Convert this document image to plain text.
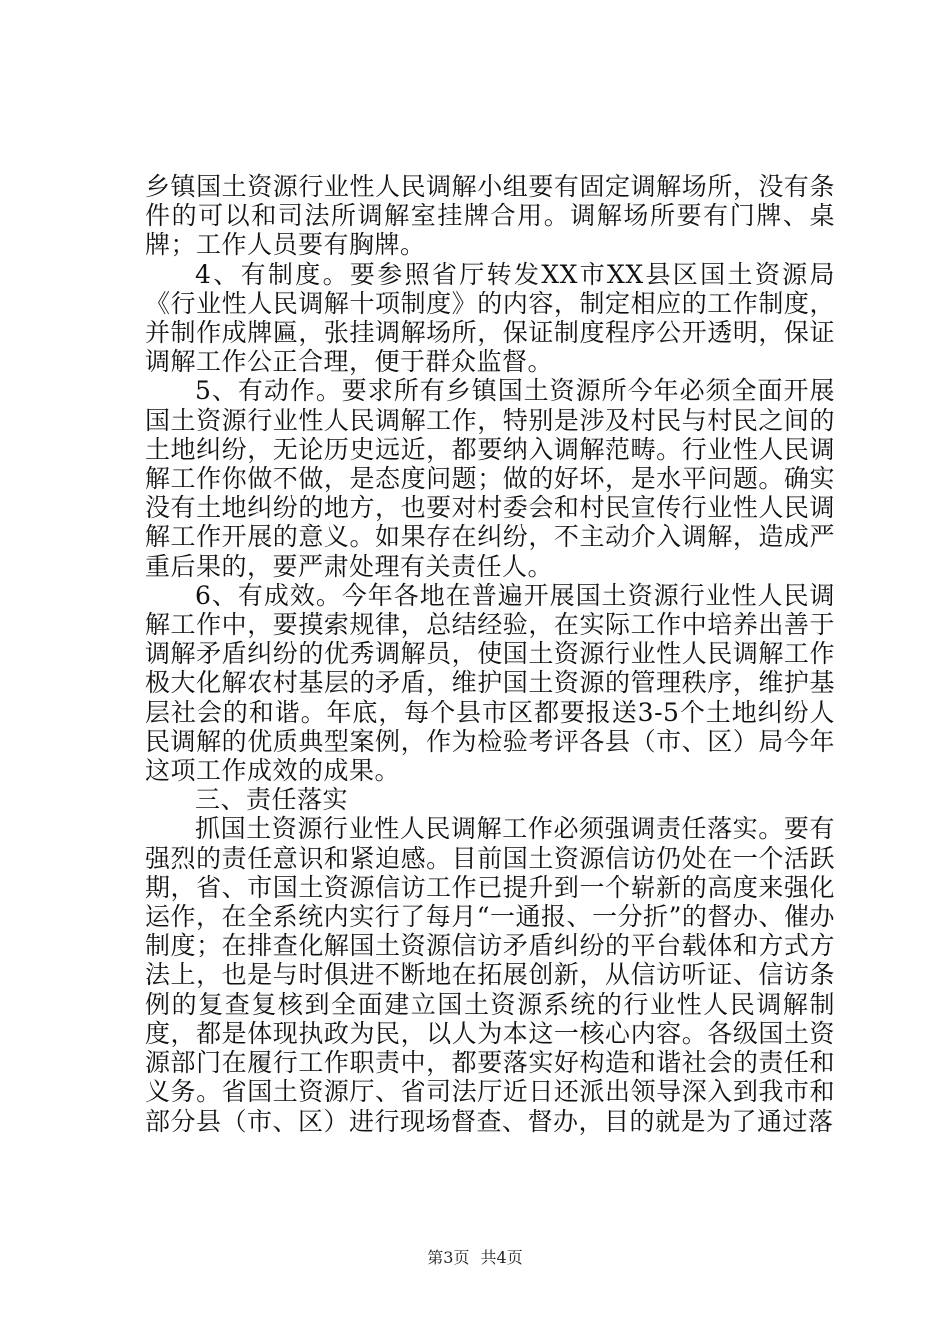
乡镇国土资源行业性人民调解小组要有固定调解场所，没有条件的可以和司法所调解室挂牌合用。调解场所要有门牌、桌牌；工作人员要有胸牌。

4、有制度。要参照省厅转发XX市XX县区国土资源局《行业性人民调解十项制度》的内容，制定相应的工作制度，并制作成牌匾，张挂调解场所，保证制度程序公开透明，保证调解工作公正合理，便于群众监督。

5、有动作。要求所有乡镇国土资源所今年必须全面开展国土资源行业性人民调解工作，特别是涉及村民与村民之间的土地纠纷，无论历史远近，都要纳入调解范畴。行业性人民调解工作你做不做，是态度问题；做的好坏，是水平问题。确实没有土地纠纷的地方，也要对村委会和村民宣传行业性人民调解工作开展的意义。如果存在纠纷，不主动介入调解，造成严重后果的，要严肃处理有关责任人。

6、有成效。今年各地在普遍开展国土资源行业性人民调解工作中，要摸索规律，总结经验，在实际工作中培养出善于调解矛盾纠纷的优秀调解员，使国土资源行业性人民调解工作极大化解农村基层的矛盾，维护国土资源的管理秩序，维护基层社会的和谐。年底，每个县市区都要报送3-5个土地纠纷人民调解的优质典型案例，作为检验考评各县（市、区）局今年这项工作成效的成果。

三、责任落实

抓国土资源行业性人民调解工作必须强调责任落实。要有强烈的责任意识和紧迫感。目前国土资源信访仍处在一个活跃期，省、市国土资源信访工作已提升到一个崭新的高度来强化运作，在全系统内实行了每月“一通报、一分折”的督办、催办制度；在排查化解国土资源信访矛盾纠纷的平台载体和方式方法上，也是与时俱进不断地在拓展创新，从信访听证、信访条例的复查复核到全面建立国土资源系统的行业性人民调解制度，都是体现执政为民，以人为本这一核心内容。各级国土资源部门在履行工作职责中，都要落实好构造和谐社会的责任和义务。省国土资源厅、省司法厅近日还派出领导深入到我市和部分县（市、区）进行现场督查、督办，目的就是为了通过落

第3页 共4页
